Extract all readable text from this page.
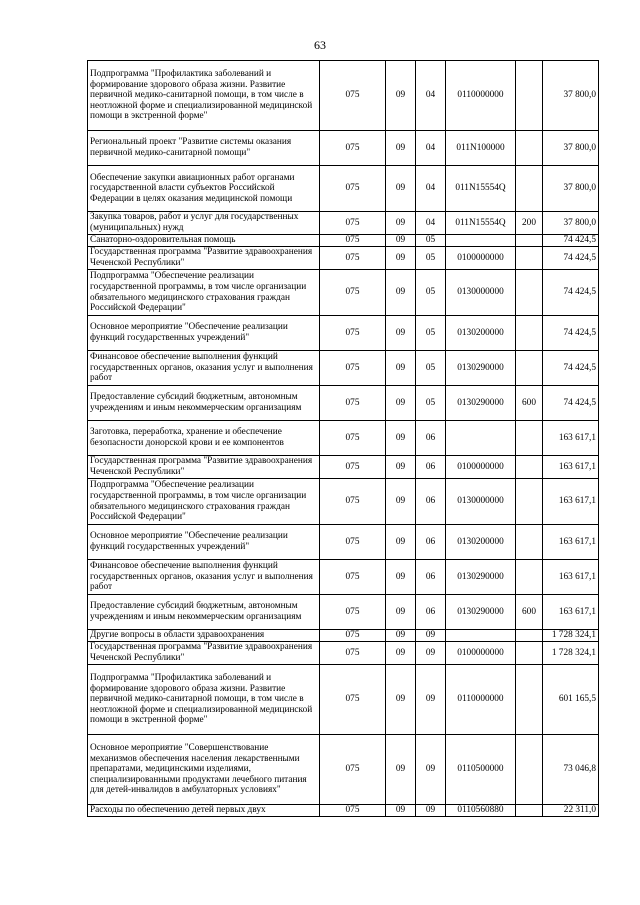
63
Подпрограмма "Профилактика заболеваний и формирование здорового образа жизни. Развитие первичной медико-санитарной помощи, в том числе в неотложной форме и специализированной медицинской помощи в экстренной форме"	075	09	04	0110000000		37 800,0
Региональный проект "Развитие системы оказания первичной медико-санитарной помощи"	075	09	04	011N100000		37 800,0
Обеспечение закупки авиационных работ органами государственной власти субъектов Российской Федерации в целях оказания медицинской помощи	075	09	04	011N15554Q		37 800,0
Закупка товаров, работ и услуг для государственных (муниципальных) нужд	075	09	04	011N15554Q	200	37 800,0
Санаторно-оздоровительная помощь	075	09	05			74 424,5
Государственная программа "Развитие здравоохранения Чеченской Республики"	075	09	05	0100000000		74 424,5
Подпрограмма "Обеспечение реализации государственной программы, в том числе организации обязательного медицинского страхования граждан Российской Федерации"	075	09	05	0130000000		74 424,5
Основное мероприятие "Обеспечение реализации функций государственных учреждений"	075	09	05	0130200000		74 424,5
Финансовое обеспечение выполнения функций государственных органов, оказания услуг и выполнения работ	075	09	05	0130290000		74 424,5
Предоставление субсидий бюджетным, автономным учреждениям и иным некоммерческим организациям	075	09	05	0130290000	600	74 424,5
Заготовка, переработка, хранение и обеспечение безопасности донорской крови и ее компонентов	075	09	06			163 617,1
Государственная программа "Развитие здравоохранения Чеченской Республики"	075	09	06	0100000000		163 617,1
Подпрограмма "Обеспечение реализации государственной программы, в том числе организации обязательного медицинского страхования граждан Российской Федерации"	075	09	06	0130000000		163 617,1
Основное мероприятие "Обеспечение реализации функций государственных учреждений"	075	09	06	0130200000		163 617,1
Финансовое обеспечение выполнения функций государственных органов, оказания услуг и выполнения работ	075	09	06	0130290000		163 617,1
Предоставление субсидий бюджетным, автономным учреждениям и иным некоммерческим организациям	075	09	06	0130290000	600	163 617,1
Другие вопросы в области здравоохранения	075	09	09			1 728 324,1
Государственная программа "Развитие здравоохранения Чеченской Республики"	075	09	09	0100000000		1 728 324,1
Подпрограмма "Профилактика заболеваний и формирование здорового образа жизни. Развитие первичной медико-санитарной помощи, в том числе в неотложной форме и специализированной медицинской помощи в экстренной форме"	075	09	09	0110000000		601 165,5
Основное мероприятие "Совершенствование механизмов обеспечения населения лекарственными препаратами, медицинскими изделиями, специализированными продуктами лечебного питания для детей-инвалидов в амбулаторных условиях"	075	09	09	0110500000		73 046,8
Расходы по обеспечению детей первых двух	075	09	09	0110560880		22 311,0
